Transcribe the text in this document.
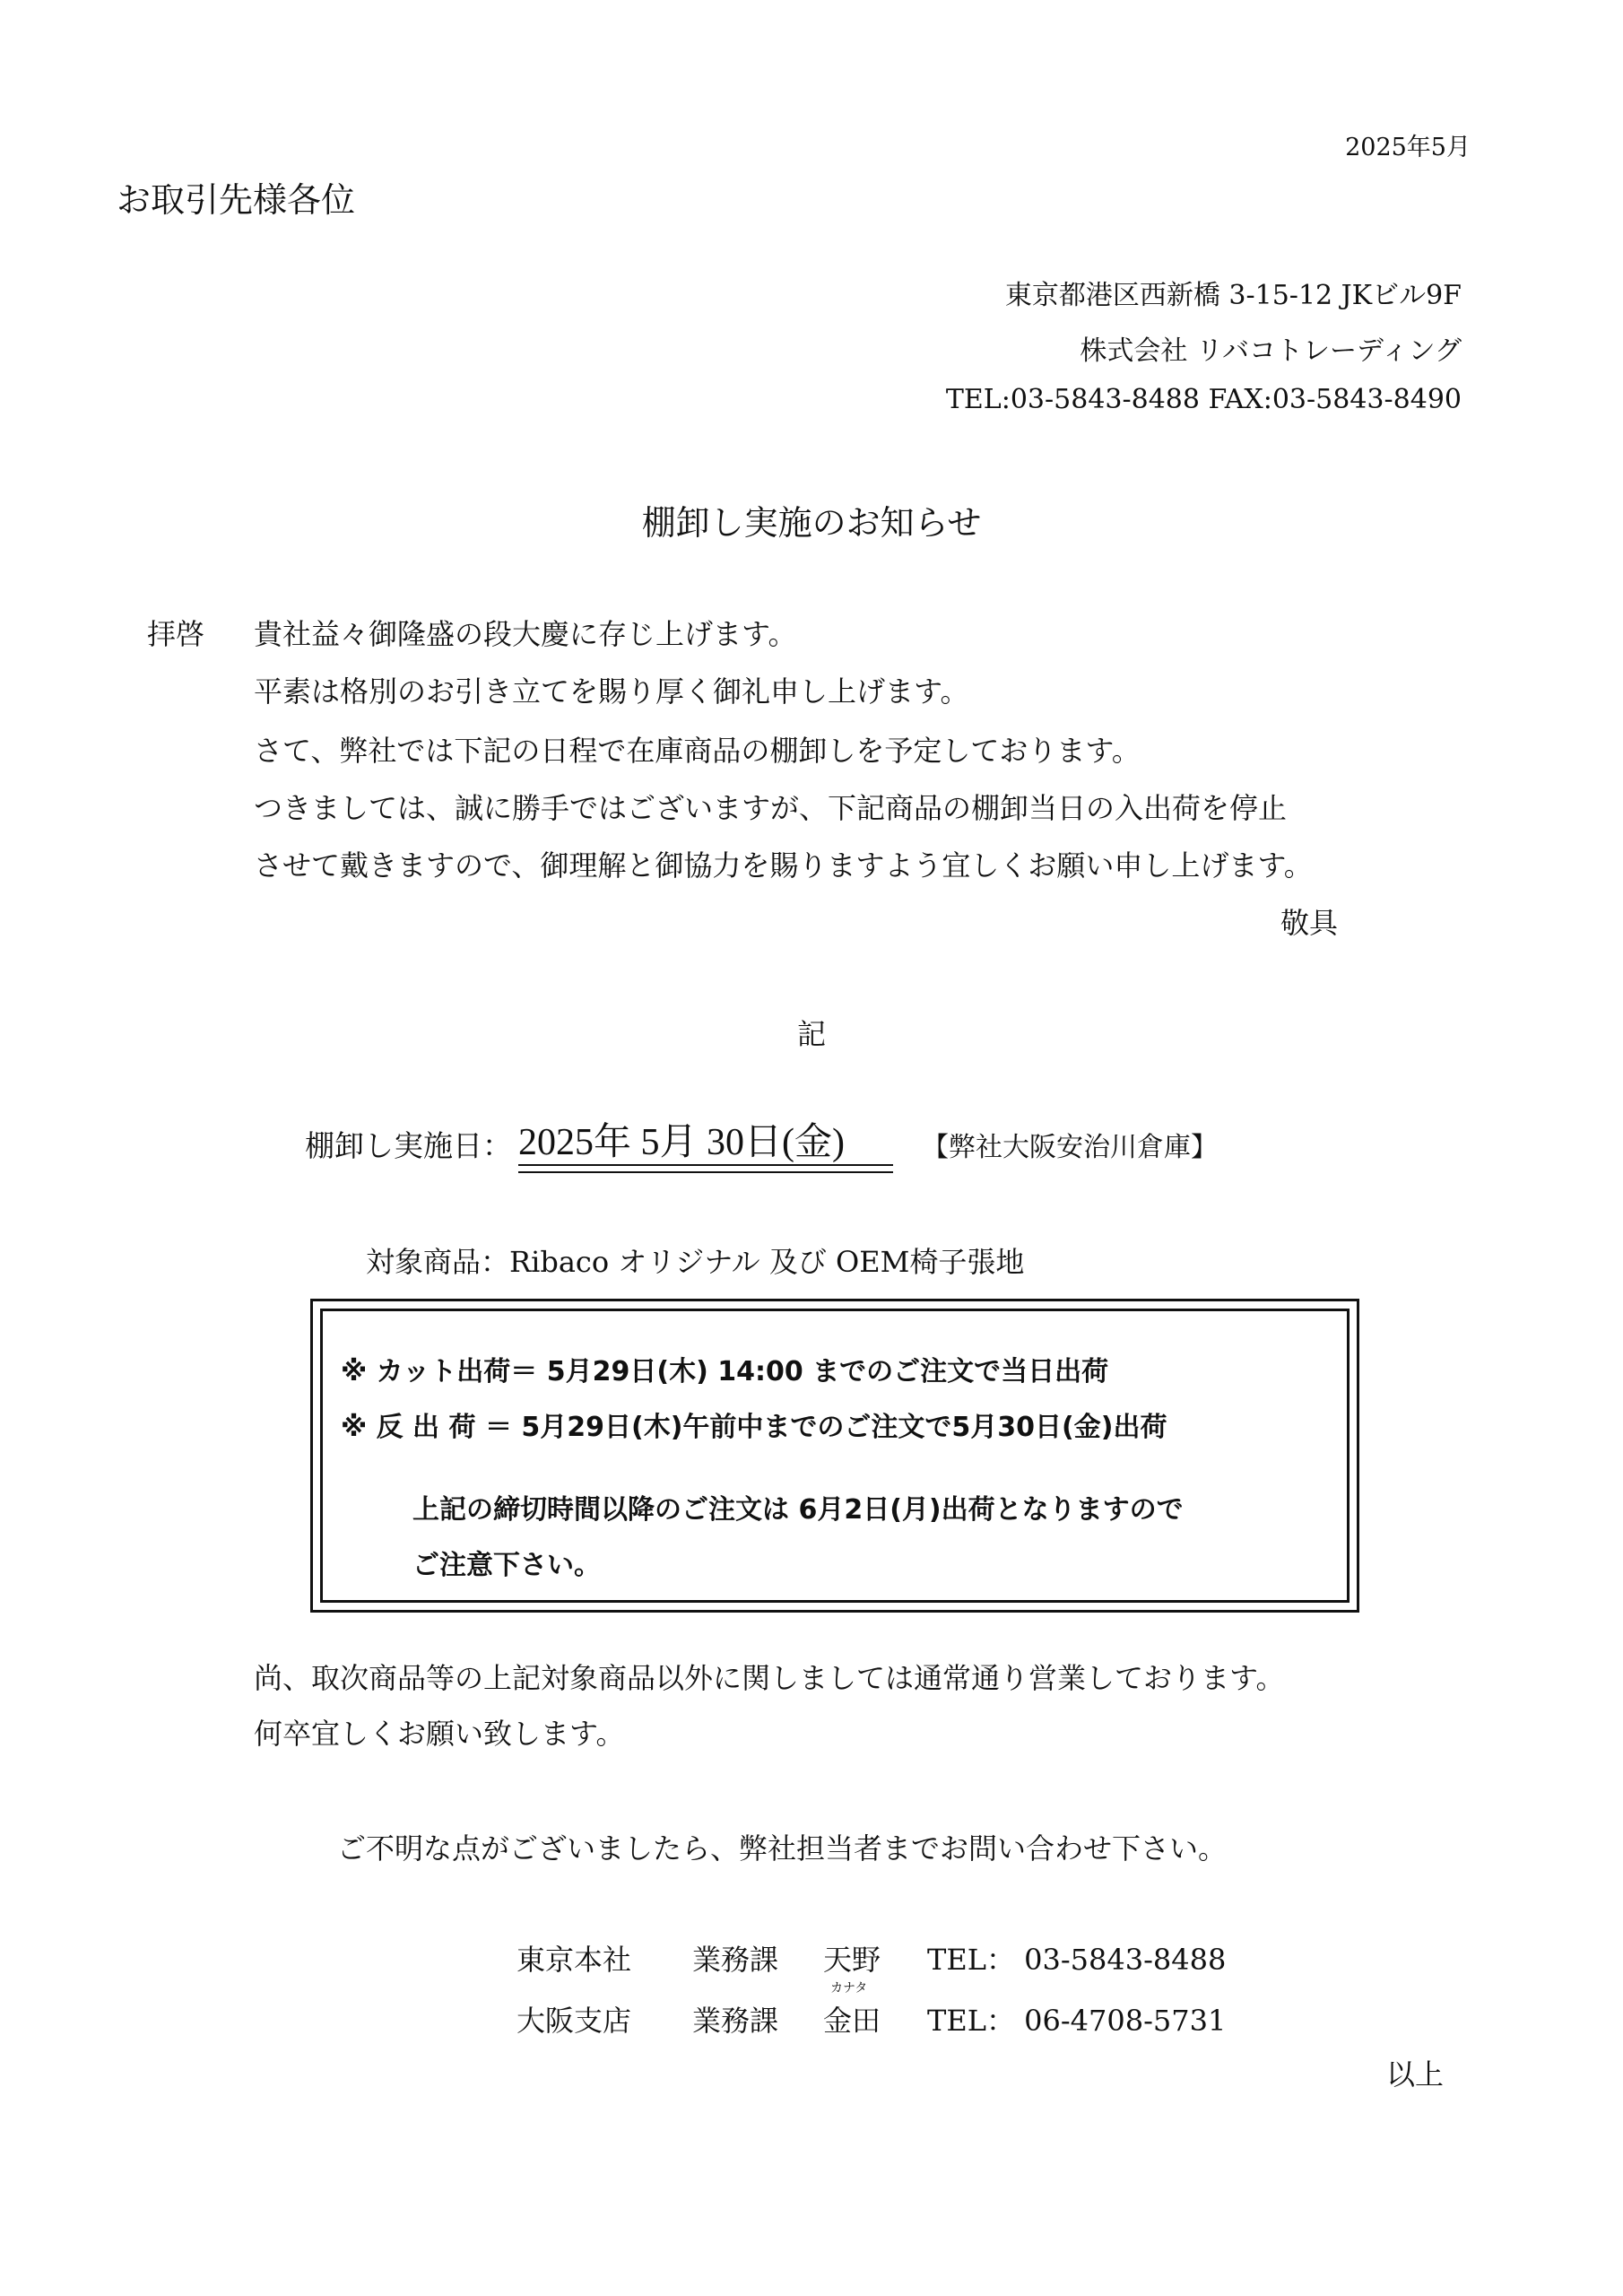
2025年5月
お取引先様各位
東京都港区西新橋 3-15-12 JKビル9F
株式会社 リバコトレーディング
TEL:03-5843-8488 FAX:03-5843-8490
棚卸し実施のお知らせ
拝啓 貴社益々御隆盛の段大慶に存じ上げます。
平素は格別のお引き立てを賜り厚く御礼申し上げます。
さて、弊社では下記の日程で在庫商品の棚卸しを予定しております。
つきましては、誠に勝手ではございますが、下記商品の棚卸当日の入出荷を停止
させて戴きますので、御理解と御協力を賜りますよう宜しくお願い申し上げます。
敬具
記
棚卸し実施日： 2025年 5月 30日(金)	【弊社大阪安治川倉庫】
対象商品：Ribaco オリジナル 及び OEM椅子張地
※ カット出荷＝ 5月29日(木) 14:00 までのご注文で当日出荷
※ 反 出 荷 ＝ 5月29日(木)午前中までのご注文で5月30日(金)出荷
上記の締切時間以降のご注文は 6月2日(月)出荷となりますので
ご注意下さい。
尚、取次商品等の上記対象商品以外に関しましては通常通り営業しております。
何卒宜しくお願い致します。
ご不明な点がございましたら、弊社担当者までお問い合わせ下さい。
東京本社 業務課 天野 TEL： 03-5843-8488
カナタ
大阪支店 業務課 金田 TEL： 06-4708-5731
以上
